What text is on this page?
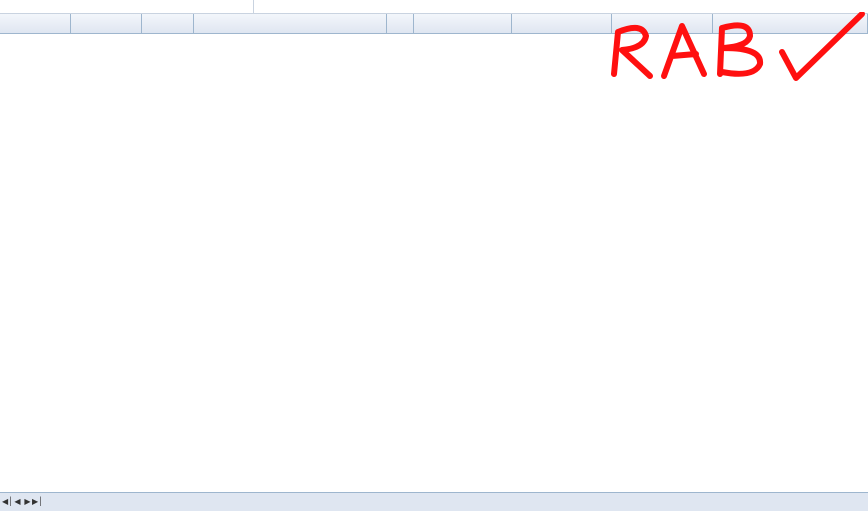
◀│ ◀ ▶ ▶│
